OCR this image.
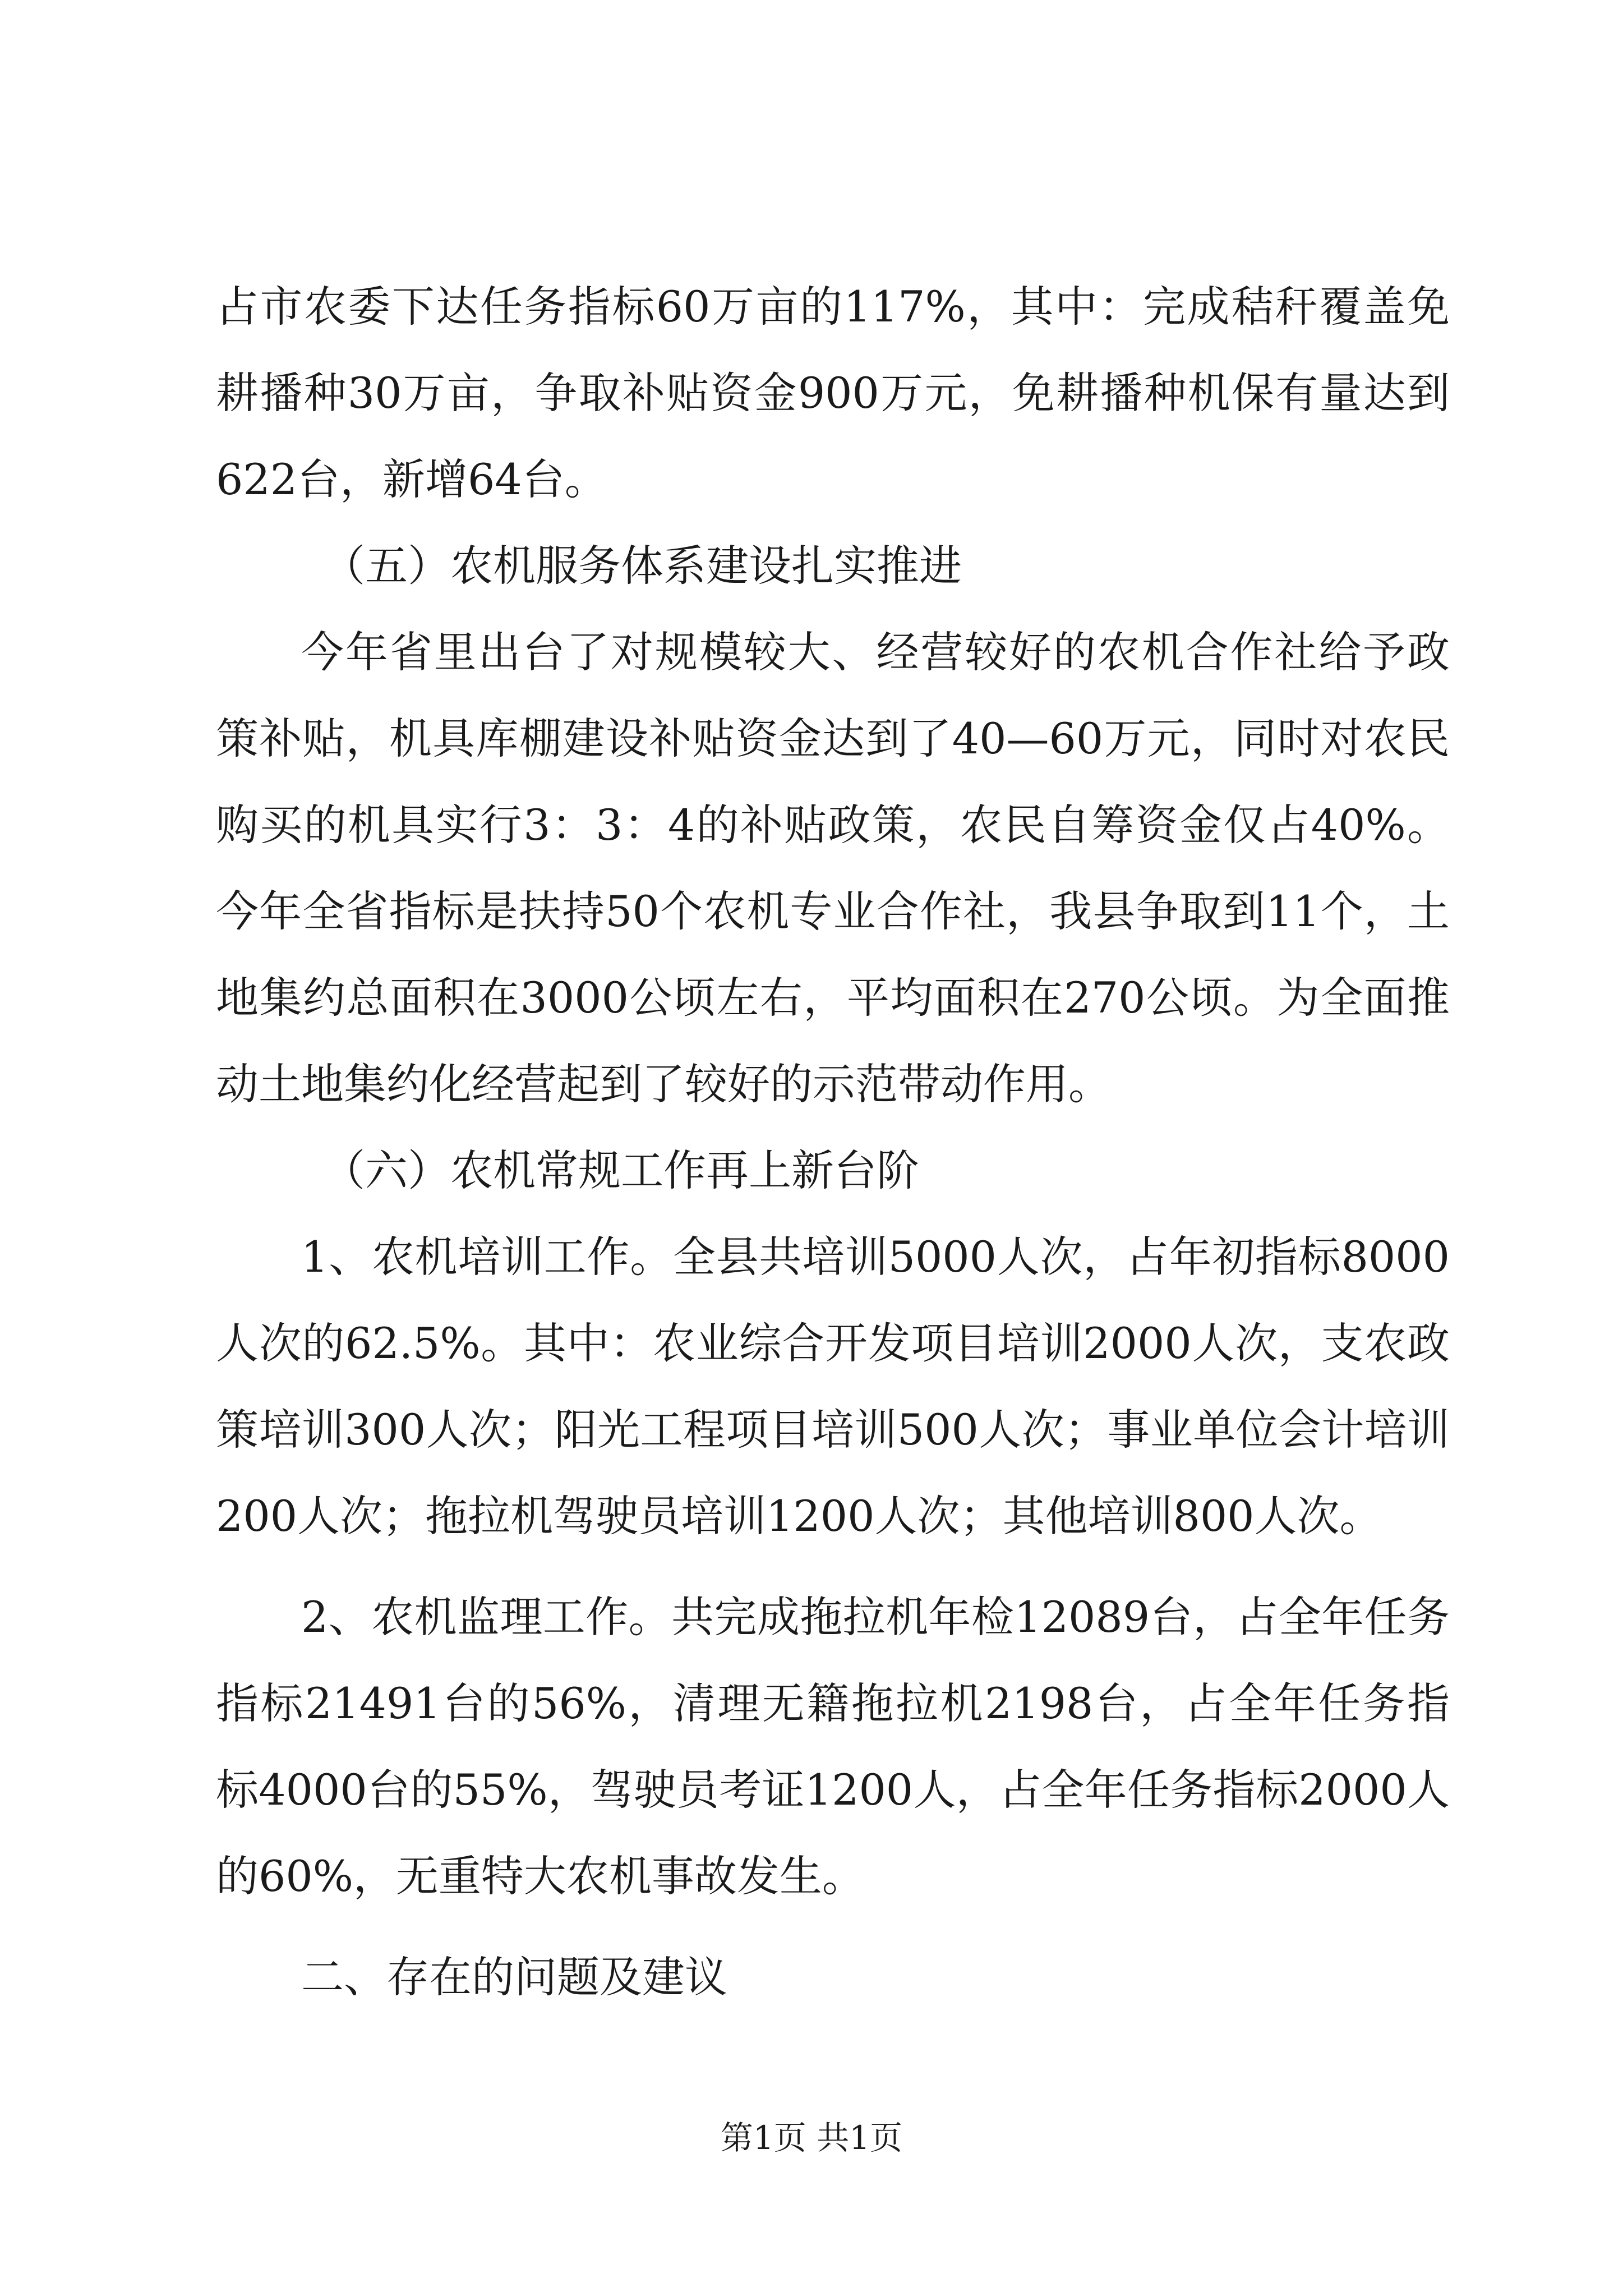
占市农委下达任务指标60万亩的117%，其中：完成秸秆覆盖免耕播种30万亩，争取补贴资金900万元，免耕播种机保有量达到622台，新增64台。

（五）农机服务体系建设扎实推进

今年省里出台了对规模较大、经营较好的农机合作社给予政策补贴，机具库棚建设补贴资金达到了40—60万元，同时对农民购买的机具实行3：3：4的补贴政策，农民自筹资金仅占40%。今年全省指标是扶持50个农机专业合作社，我县争取到11个，土地集约总面积在3000公顷左右，平均面积在270公顷。为全面推动土地集约化经营起到了较好的示范带动作用。

（六）农机常规工作再上新台阶

1、农机培训工作。全县共培训5000人次，占年初指标8000人次的62.5%。其中：农业综合开发项目培训2000人次，支农政策培训300人次；阳光工程项目培训500人次；事业单位会计培训200人次；拖拉机驾驶员培训1200人次；其他培训800人次。

2、农机监理工作。共完成拖拉机年检12089台，占全年任务指标21491台的56%，清理无籍拖拉机2198台，占全年任务指标4000台的55%，驾驶员考证1200人，占全年任务指标2000人的60%，无重特大农机事故发生。

二、存在的问题及建议

第1页 共1页
